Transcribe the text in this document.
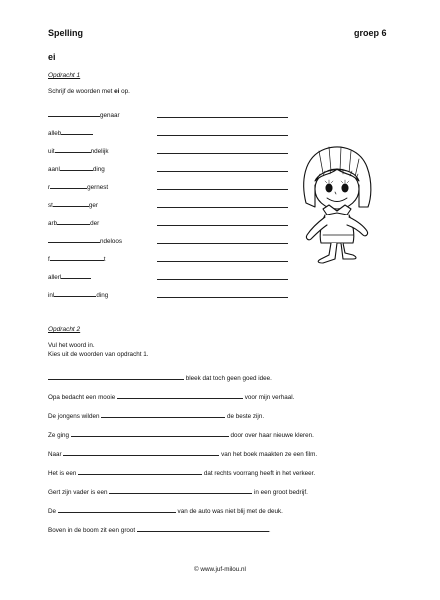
Spelling	groep 6
ei
Opdracht 1
Schrijf de woorden met ei op.
genaar
alleb
uit	ndelijk
aanl	ding
r	gernest
st	ger
arb	der
ndeloos
f	t
allerl
inl	ding
Opdracht 2
Vul het woord in.
Kies uit de woorden van opdracht 1.
bleek dat toch geen goed idee.
Opa bedacht een mooie	voor mijn verhaal.
De jongens wilden	de beste zijn.
Ze ging	door over haar nieuwe kleren.
Naar	van het boek maakten ze een film.
Het is een	dat rechts voorrang heeft in het verkeer.
Gert zijn vader is een	in een groot bedrijf.
De	van de auto was niet blij met de deuk.
Boven in de boom zit een groot	.
© www.juf-milou.nl
